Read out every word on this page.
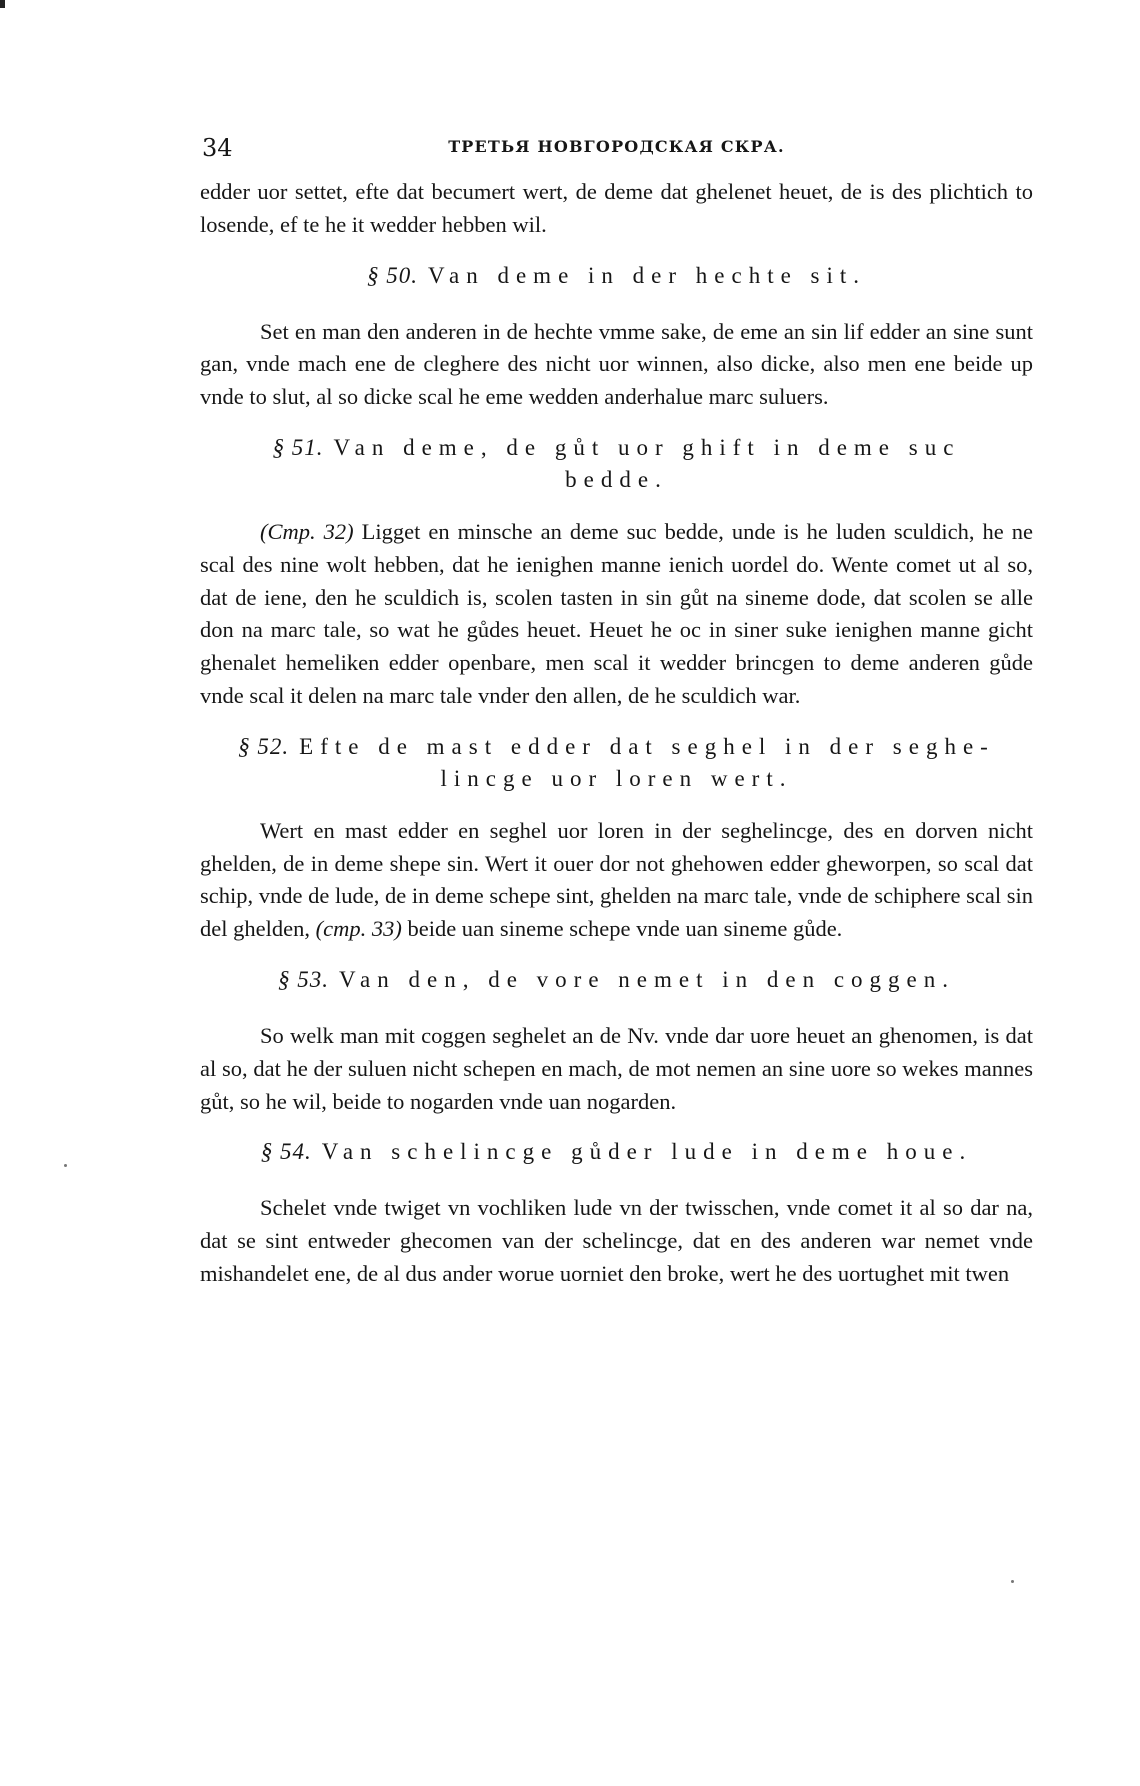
34	ТРЕТЬЯ НОВГОРОДСКАЯ СКРА.

edder uor settet, efte dat becumert wert, de deme dat ghelenet heuet, de is des plichtich to losende, ef te he it wedder hebben wil.

§ 50. Van deme in der hechte sit.

Set en man den anderen in de hechte vmme sake, de eme an sin lif edder an sine sunt gan, vnde mach ene de cleghere des nicht uor winnen, also dicke, also men ene beide up vnde to slut, al so dicke scal he eme wedden anderhalue marc suluers.

§ 51. Van deme, de gůt uor ghift in deme suc
bedde.

(Cmp. 32) Ligget en minsche an deme suc bedde, unde is he luden sculdich, he ne scal des nine wolt hebben, dat he ienighen manne ienich uordel do. Wente comet ut al so, dat de iene, den he sculdich is, scolen tasten in sin gůt na sineme dode, dat scolen se alle don na marc tale, so wat he gůdes heuet. Heuet he oc in siner suke ienighen manne gicht ghenalet hemeliken edder openbare, men scal it wedder brincgen to deme anderen gůde vnde scal it delen na marc tale vnder den allen, de he sculdich war.

§ 52. Efte de mast edder dat seghel in der seghe-
lincge uor loren wert.

Wert en mast edder en seghel uor loren in der seghelincge, des en dorven nicht ghelden, de in deme shepe sin. Wert it ouer dor not ghehowen edder gheworpen, so scal dat schip, vnde de lude, de in deme schepe sint, ghelden na marc tale, vnde de schiphere scal sin del ghelden, (cmp. 33) beide uan sineme schepe vnde uan sineme gůde.

§ 53. Van den, de vore nemet in den coggen.

So welk man mit coggen seghelet an de Nv. vnde dar uore heuet an ghenomen, is dat al so, dat he der suluen nicht schepen en mach, de mot nemen an sine uore so wekes mannes gůt, so he wil, beide to nogarden vnde uan nogarden.

§ 54. Van schelincge gůder lude in deme houe.

Schelet vnde twiget vn vochliken lude vn der twisschen, vnde comet it al so dar na, dat se sint entweder ghecomen van der schelincge, dat en des anderen war nemet vnde mishandelet ene, de al dus ander worue uorniet den broke, wert he des uortughet mit twen
